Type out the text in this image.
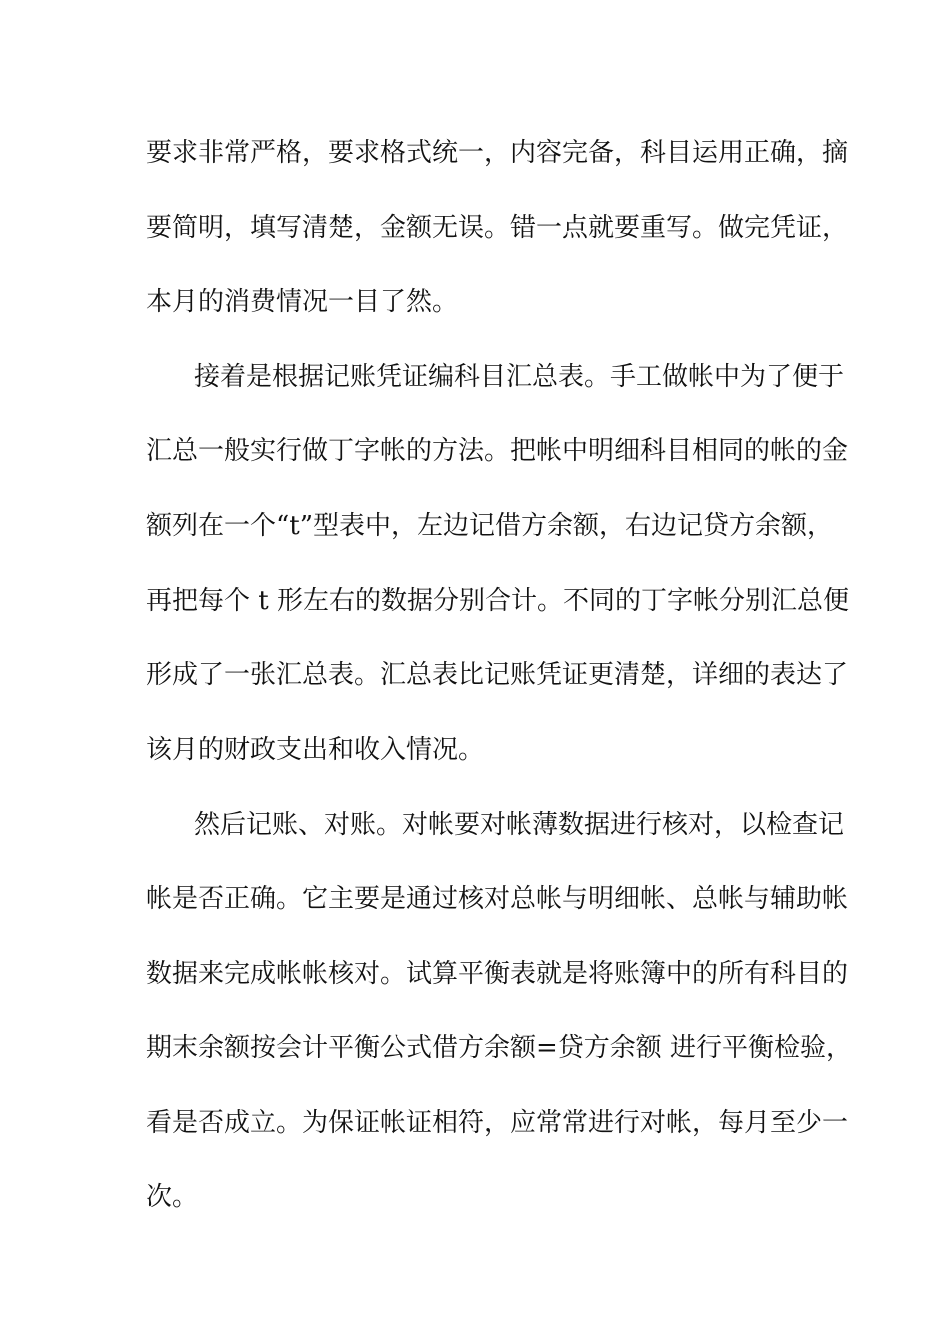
要求非常严格，要求格式统一，内容完备，科目运用正确，摘
要简明，填写清楚，金额无误。错一点就要重写。做完凭证，
本月的消费情况一目了然。
接着是根据记账凭证编科目汇总表。手工做帐中为了便于
汇总一般实行做丁字帐的方法。把帐中明细科目相同的帐的金
额列在一个“t”型表中，左边记借方余额，右边记贷方余额，
再把每个 t 形左右的数据分别合计。不同的丁字帐分别汇总便
形成了一张汇总表。汇总表比记账凭证更清楚，详细的表达了
该月的财政支出和收入情况。
然后记账、对账。对帐要对帐薄数据进行核对，以检查记
帐是否正确。它主要是通过核对总帐与明细帐、总帐与辅助帐
数据来完成帐帐核对。试算平衡表就是将账簿中的所有科目的
期末余额按会计平衡公式借方余额=贷方余额 进行平衡检验，
看是否成立。为保证帐证相符，应常常进行对帐，每月至少一
次。
